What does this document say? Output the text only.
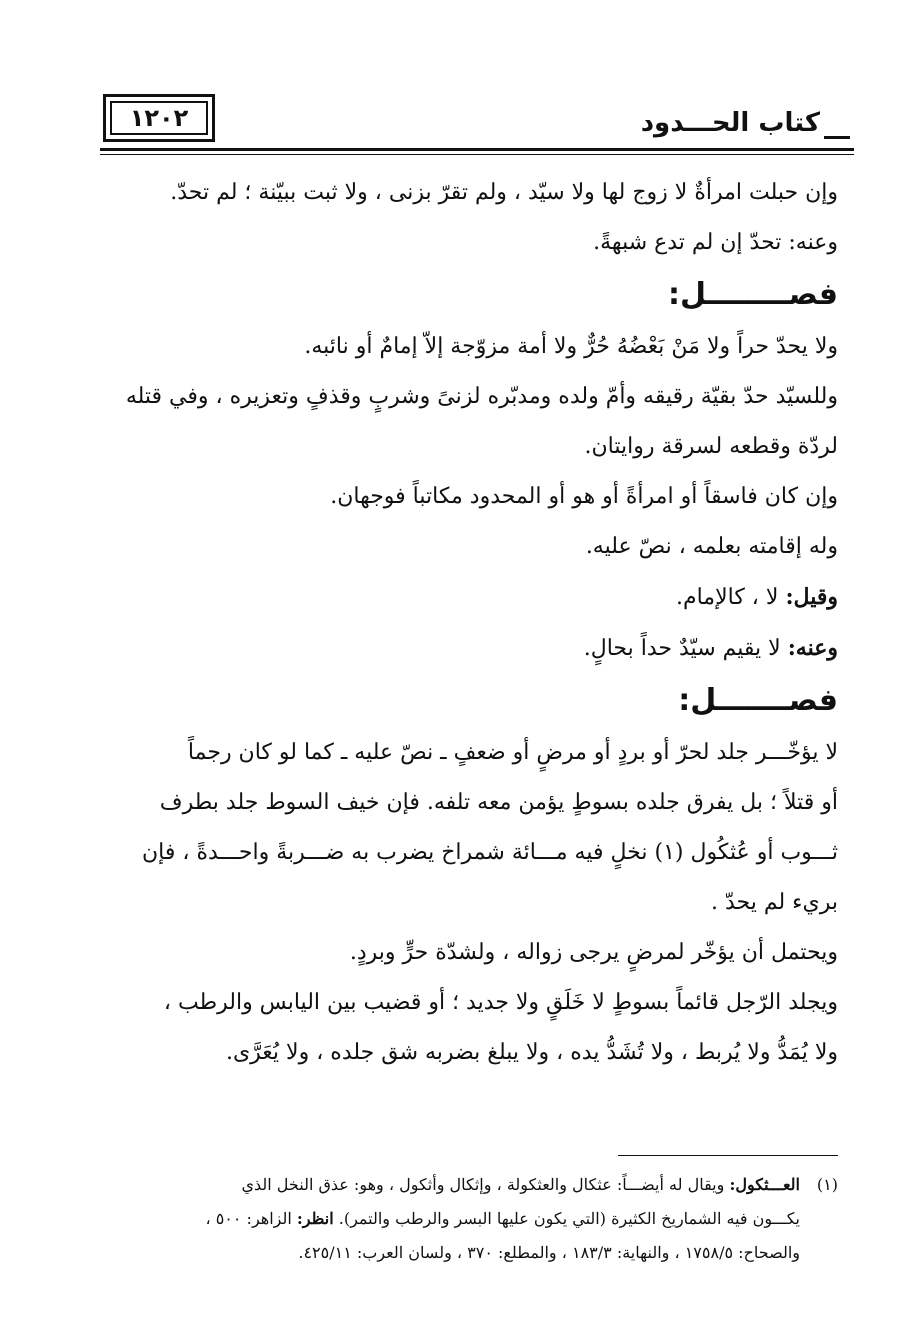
١٢٠٢	كتاب الحـــدود

وإن حبلت امرأةٌ لا زوج لها ولا سيّد ، ولم تقرّ بزنى ، ولا ثبت ببيّنة ؛ لم تحدّ.

وعنه: تحدّ إن لم تدع شبهةً.

فصــــــــل:

ولا يحدّ حراً ولا مَنْ بَعْضُهُ حُرٌّ ولا أمة مزوّجة إلاّ إمامٌ أو نائبه.

وللسيّد حدّ بقيّة رقيقه وأمّ ولده ومدبّره لزنىً وشربٍ وقذفٍ وتعزيره ، وفي قتله

لردّة وقطعه لسرقة روايتان.

وإن كان فاسقاً أو امرأةً أو هو أو المحدود مكاتباً فوجهان.

وله إقامته بعلمه ، نصّ عليه.

وقيل: لا ، كالإمام.

وعنه: لا يقيم سيّدٌ حداً بحالٍ.

فصـــــــل:

لا يؤخّـــر جلد لحرّ أو بردٍ أو مرضٍ أو ضعفٍ ـ نصّ عليه ـ كما لو كان رجماً

أو قتلاً ؛ بل يفرق جلده بسوطٍ يؤمن معه تلفه. فإن خيف السوط جلد بطرف

ثـــوب أو عُثكُول (١) نخلٍ فيه مـــائة شمراخ يضرب به ضـــربةً واحـــدةً ، فإن

بريء لم يحدّ .

ويحتمل أن يؤخّر لمرضٍ يرجى زواله ، ولشدّة حرٍّ وبردٍ.

ويجلد الرّجل قائماً بسوطٍ لا خَلَقٍ ولا جديد ؛ أو قضيب بين اليابس والرطب ،

ولا يُمَدُّ ولا يُربط ، ولا تُشَدُّ يده ، ولا يبلغ بضربه شق جلده ، ولا يُعَرَّى.

(١)العـــثكول: ويقال له أيضـــاً: عثكال والعثكولة ، وإثكال وأثكول ، وهو: عذق النخل الذي

يكـــون فيه الشماريخ الكثيرة (التي يكون عليها البسر والرطب والتمر). انظر: الزاهر: ٥٠٠ ،

والصحاح: ١٧٥٨/٥ ، والنهاية: ١٨٣/٣ ، والمطلع: ٣٧٠ ، ولسان العرب: ٤٢٥/١١.
